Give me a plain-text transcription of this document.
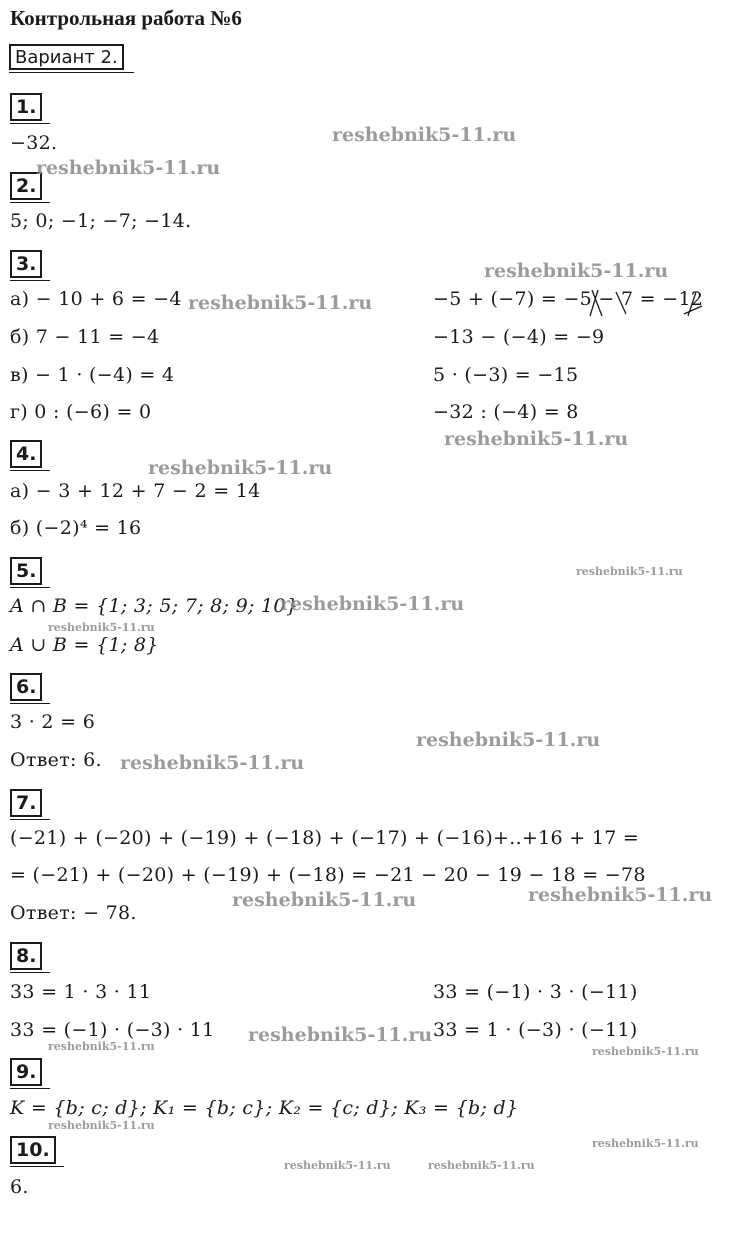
Контрольная работа №6
Вариант 2.
1.
−32.
2.
5; 0; −1; −7; −14.
3.
а) − 10 + 6 = −4
б) 7 − 11 = −4
в) − 1 · (−4) = 4
г) 0 : (−6) = 0
−5 + (−7) = −5 − 7 = −12
−13 − (−4) = −9
5 · (−3) = −15
−32 : (−4) = 8
4.
а) − 3 + 12 + 7 − 2 = 14
б) (−2)⁴ = 16
5.
A ∩ B = {1; 3; 5; 7; 8; 9; 10}
A ∪ B = {1; 8}
6.
3 · 2 = 6
Ответ: 6.
7.
(−21) + (−20) + (−19) + (−18) + (−17) + (−16)+..+16 + 17 =
= (−21) + (−20) + (−19) + (−18) = −21 − 20 − 19 − 18 = −78
Ответ: − 78.
8.
33 = 1 · 3 · 11
33 = (−1) · (−3) · 11
33 = (−1) · 3 · (−11)
33 = 1 · (−3) · (−11)
9.
K = {b; c; d}; K₁ = {b; c}; K₂ = {c; d}; K₃ = {b; d}
10.
6.
reshebnik5-11.ru
reshebnik5-11.ru
reshebnik5-11.ru
reshebnik5-11.ru
reshebnik5-11.ru
reshebnik5-11.ru
reshebnik5-11.ru
reshebnik5-11.ru
reshebnik5-11.ru
reshebnik5-11.ru
reshebnik5-11.ru
reshebnik5-11.ru
reshebnik5-11.ru
reshebnik5-11.ru
reshebnik5-11.ru	reshebnik5-11.ru
reshebnik5-11.ru
reshebnik5-11.ru
reshebnik5-11.ru	reshebnik5-11.ru
